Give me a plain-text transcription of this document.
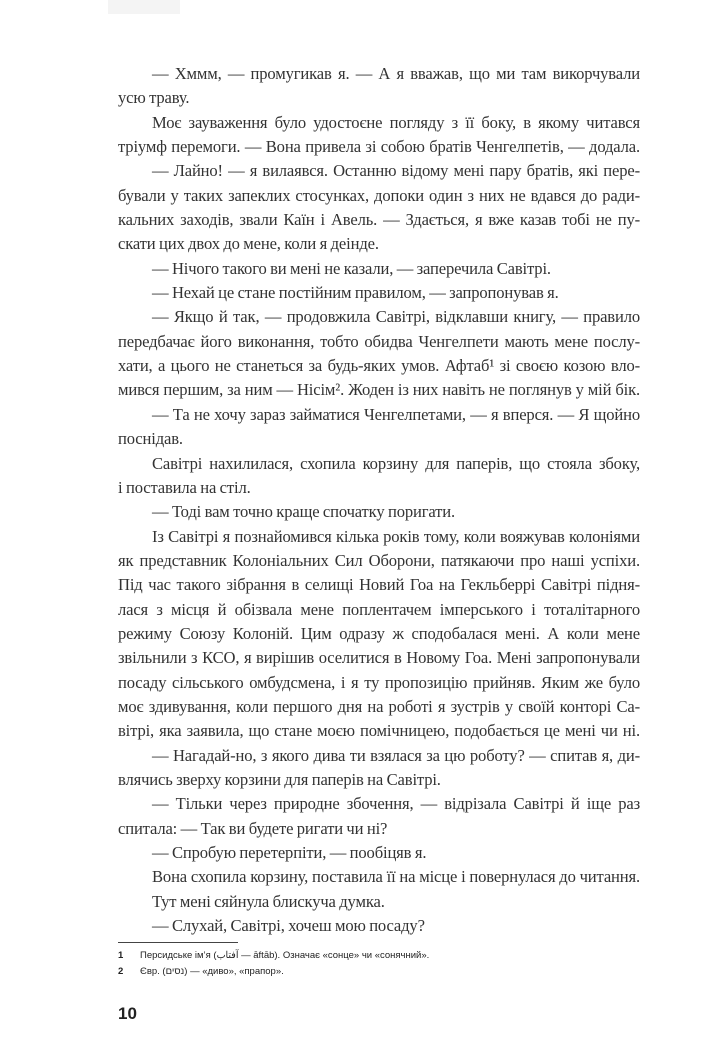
— Хммм, — промугикав я. — А я вважав, що ми там викорчували
усю траву.
Моє зауваження було удостоєне погляду з її боку, в якому читався
тріумф перемоги. — Вона привела зі собою братів Ченгелпетів, — додала.
— Лайно! — я вилаявся. Останню відому мені пару братів, які пере-
бували у таких запеклих стосунках, допоки один з них не вдався до ради-
кальних заходів, звали Каїн і Авель. — Здається, я вже казав тобі не пу-
скати цих двох до мене, коли я деінде.
— Нічого такого ви мені не казали, — заперечила Савітрі.
— Нехай це стане постійним правилом, — запропонував я.
— Якщо й так, — продовжила Савітрі, відклавши книгу, — правило
передбачає його виконання, тобто обидва Ченгелпети мають мене послу-
хати, а цього не станеться за будь-яких умов. Афтаб¹ зі своєю козою вло-
мився першим, за ним — Нісім². Жоден із них навіть не поглянув у мій бік.
— Та не хочу зараз займатися Ченгелпетами, — я вперся. — Я щойно
поснідав.
Савітрі нахилилася, схопила корзину для паперів, що стояла збоку,
і поставила на стіл.
— Тоді вам точно краще спочатку поригати.
Із Савітрі я познайомився кілька років тому, коли вояжував колоніями
як представник Колоніальних Сил Оборони, патякаючи про наші успіхи.
Під час такого зібрання в селищі Новий Гоа на Гекльберрі Савітрі підня-
лася з місця й обізвала мене поплентачем імперського і тоталітарного
режиму Союзу Колоній. Цим одразу ж сподобалася мені. А коли мене
звільнили з КСО, я вирішив оселитися в Новому Гоа. Мені запропонували
посаду сільського омбудсмена, і я ту пропозицію прийняв. Яким же було
моє здивування, коли першого дня на роботі я зустрів у своїй конторі Са-
вітрі, яка заявила, що стане моєю помічницею, подобається це мені чи ні.
— Нагадай-но, з якого дива ти взялася за цю роботу? — спитав я, ди-
влячись зверху корзини для паперів на Савітрі.
— Тільки через природне збочення, — відрізала Савітрі й іще раз
спитала: — Так ви будете ригати чи ні?
— Спробую перетерпіти, — пообіцяв я.
Вона схопила корзину, поставила її на місце і повернулася до читання.
Тут мені сяйнула блискуча думка.
— Слухай, Савітрі, хочеш мою посаду?
1 Персидське ім’я (آفتاب — āftāb). Означає «сонце» чи «сонячний».
2 Євр. (נסים) — «диво», «прапор».
10
